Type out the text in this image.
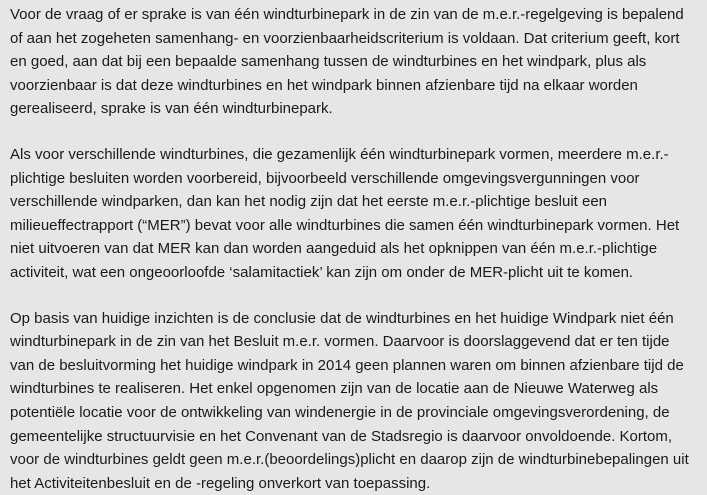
Voor de vraag of er sprake is van één windturbinepark in de zin van de m.e.r.-regelgeving is bepalend of aan het zogeheten samenhang- en voorzienbaarheidscriterium is voldaan. Dat criterium geeft, kort en goed, aan dat bij een bepaalde samenhang tussen de windturbines en het windpark, plus als voorzienbaar is dat deze windturbines en het windpark binnen afzienbare tijd na elkaar worden gerealiseerd, sprake is van één windturbinepark.

Als voor verschillende windturbines, die gezamenlijk één windturbinepark vormen, meerdere m.e.r.-plichtige besluiten worden voorbereid, bijvoorbeeld verschillende omgevingsvergunningen voor verschillende windparken, dan kan het nodig zijn dat het eerste m.e.r.-plichtige besluit een milieueffectrapport (“MER”) bevat voor alle windturbines die samen één windturbinepark vormen. Het niet uitvoeren van dat MER kan dan worden aangeduid als het opknippen van één m.e.r.-plichtige activiteit, wat een ongeoorloofde ‘salamitactiek’ kan zijn om onder de MER-plicht uit te komen.

Op basis van huidige inzichten is de conclusie dat de windturbines en het huidige Windpark niet één windturbinepark in de zin van het Besluit m.e.r. vormen. Daarvoor is doorslaggevend dat er ten tijde van de besluitvorming het huidige windpark in 2014 geen plannen waren om binnen afzienbare tijd de windturbines te realiseren. Het enkel opgenomen zijn van de locatie aan de Nieuwe Waterweg als potentiële locatie voor de ontwikkeling van windenergie in de provinciale omgevingsverordening, de gemeentelijke structuurvisie en het Convenant van de Stadsregio is daarvoor onvoldoende. Kortom, voor de windturbines geldt geen m.e.r.(beoordelings)plicht en daarop zijn de windturbinebepalingen uit het Activiteitenbesluit en de -regeling onverkort van toepassing.
